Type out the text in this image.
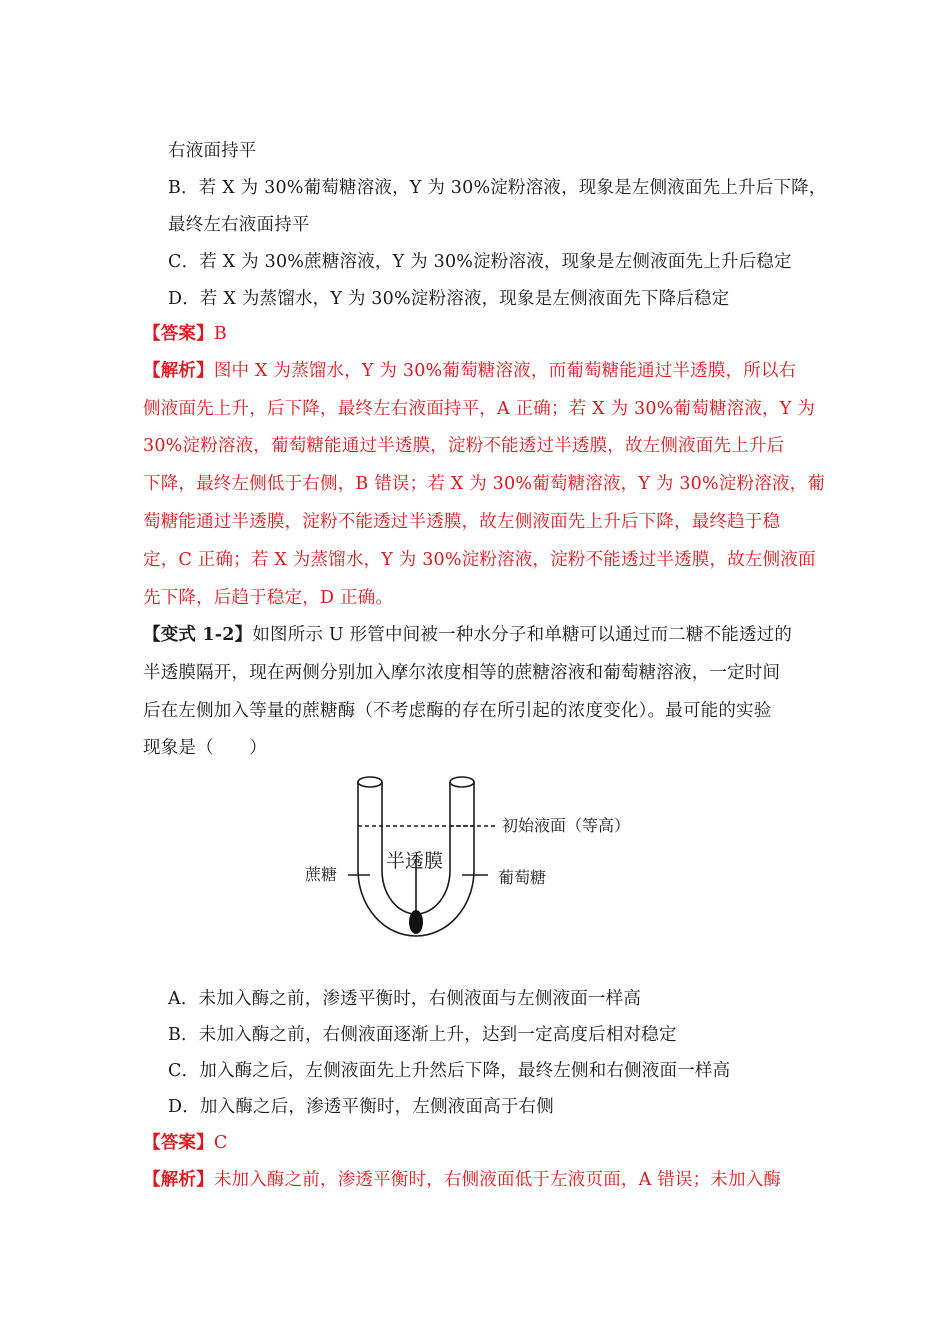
右液面持平
B．若 X 为 30%葡萄糖溶液，Y 为 30%淀粉溶液，现象是左侧液面先上升后下降，
最终左右液面持平
C．若 X 为 30%蔗糖溶液，Y 为 30%淀粉溶液，现象是左侧液面先上升后稳定
D．若 X 为蒸馏水，Y 为 30%淀粉溶液，现象是左侧液面先下降后稳定
【答案】B
【解析】图中 X 为蒸馏水，Y 为 30%葡萄糖溶液，而葡萄糖能通过半透膜，所以右
侧液面先上升，后下降，最终左右液面持平，A 正确；若 X 为 30%葡萄糖溶液，Y 为
30%淀粉溶液，葡萄糖能通过半透膜，淀粉不能透过半透膜，故左侧液面先上升后
下降，最终左侧低于右侧，B 错误；若 X 为 30%葡萄糖溶液，Y 为 30%淀粉溶液，葡
萄糖能通过半透膜，淀粉不能透过半透膜，故左侧液面先上升后下降，最终趋于稳
定，C 正确；若 X 为蒸馏水，Y 为 30%淀粉溶液，淀粉不能透过半透膜，故左侧液面
先下降，后趋于稳定，D 正确。
【变式 1-2】如图所示 U 形管中间被一种水分子和单糖可以通过而二糖不能透过的
半透膜隔开，现在两侧分别加入摩尔浓度相等的蔗糖溶液和葡萄糖溶液，一定时间
后在左侧加入等量的蔗糖酶（不考虑酶的存在所引起的浓度变化）。最可能的实验
现象是（　　）
初始液面（等高）
半透膜
蔗糖	葡萄糖
A．未加入酶之前，渗透平衡时，右侧液面与左侧液面一样高
B．未加入酶之前，右侧液面逐渐上升，达到一定高度后相对稳定
C．加入酶之后，左侧液面先上升然后下降，最终左侧和右侧液面一样高
D．加入酶之后，渗透平衡时，左侧液面高于右侧
【答案】C
【解析】未加入酶之前，渗透平衡时，右侧液面低于左液页面，A 错误；未加入酶
